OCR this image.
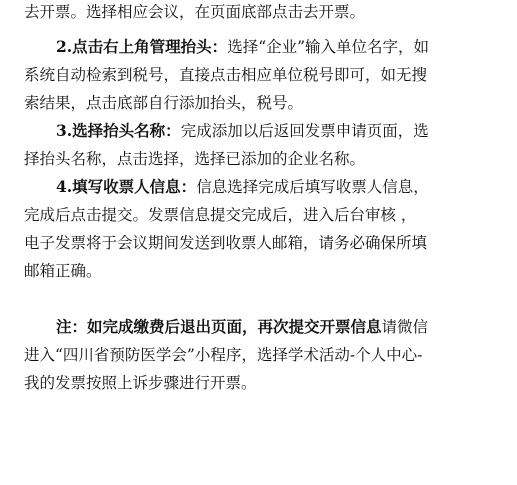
去开票。选择相应会议，在页面底部点击去开票。
2.点击右上角管理抬头：选择“企业”输入单位名字，如
系统自动检索到税号，直接点击相应单位税号即可，如无搜
索结果，点击底部自行添加抬头，税号。
3.选择抬头名称：完成添加以后返回发票申请页面，选
择抬头名称，点击选择，选择已添加的企业名称。
4.填写收票人信息：信息选择完成后填写收票人信息，
完成后点击提交。发票信息提交完成后，进入后台审核 ，
电子发票将于会议期间发送到收票人邮箱，请务必确保所填
邮箱正确。
注：如完成缴费后退出页面，再次提交开票信息请微信
进入“四川省预防医学会”小程序，选择学术活动-个人中心-
我的发票按照上诉步骤进行开票。
